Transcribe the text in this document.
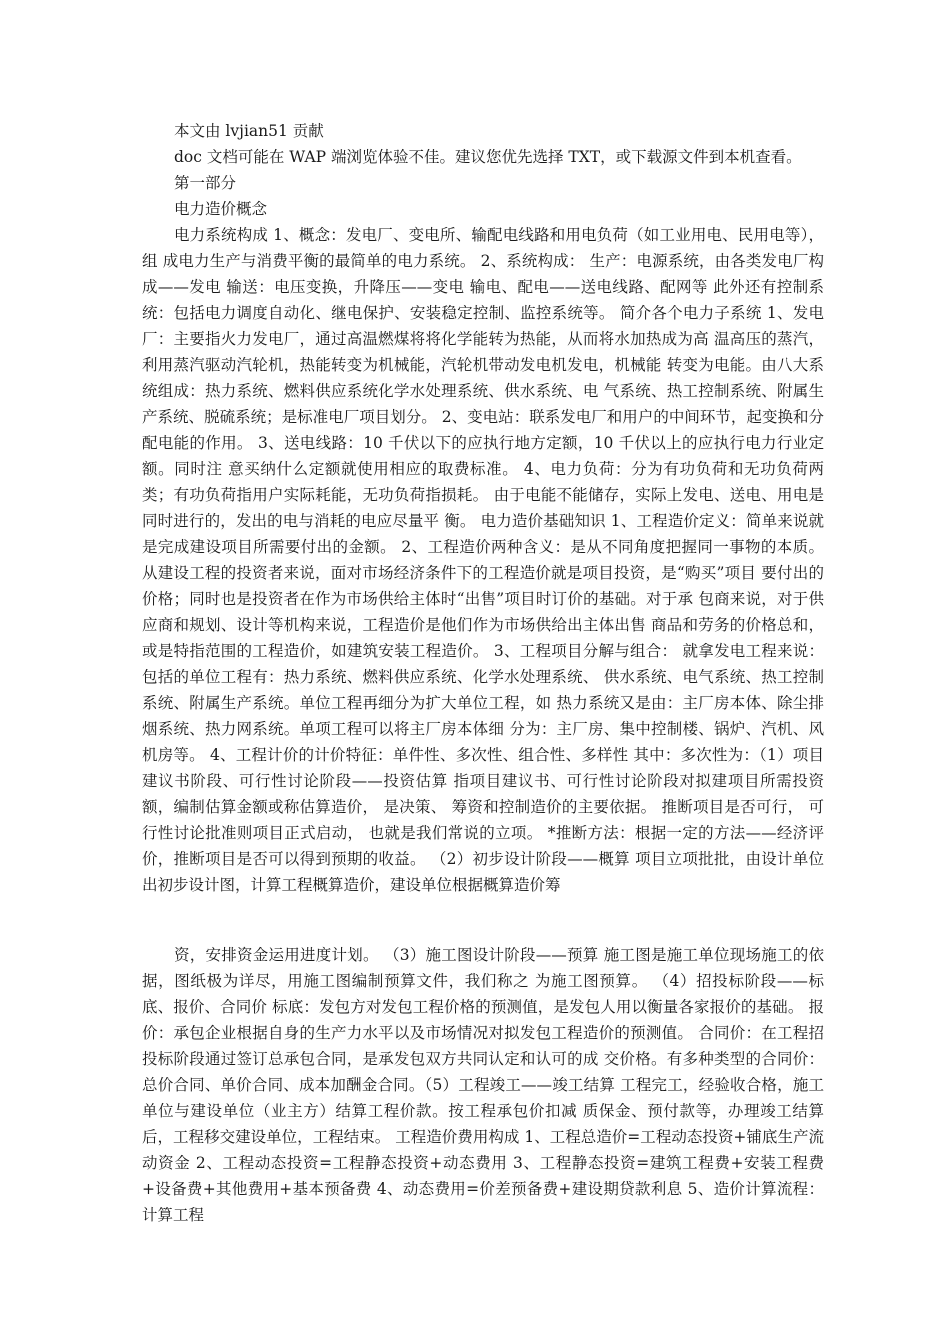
本文由 lvjian51 贡献

doc 文档可能在 WAP 端浏览体验不佳。建议您优先选择 TXT，或下载源文件到本机查看。

第一部分

电力造价概念

电力系统构成 1、概念：发电厂、变电所、输配电线路和用电负荷（如工业用电、民用电等），组 成电力生产与消费平衡的最简单的电力系统。 2、系统构成： 生产：电源系统，由各类发电厂构成——发电 输送：电压变换，升降压——变电 输电、配电——送电线路、配网等 此外还有控制系统：包括电力调度自动化、继电保护、安装稳定控制、监控系统等。 简介各个电力子系统 1、发电厂：主要指火力发电厂，通过高温燃煤将将化学能转为热能，从而将水加热成为高 温高压的蒸汽，利用蒸汽驱动汽轮机，热能转变为机械能，汽轮机带动发电机发电，机械能 转变为电能。由八大系统组成：热力系统、燃料供应系统化学水处理系统、供水系统、电 气系统、热工控制系统、附属生产系统、脱硫系统；是标准电厂项目划分。 2、变电站：联系发电厂和用户的中间环节，起变换和分配电能的作用。 3、送电线路：10 千伏以下的应执行地方定额，10 千伏以上的应执行电力行业定额。同时注 意买纳什么定额就使用相应的取费标准。 4、电力负荷：分为有功负荷和无功负荷两类；有功负荷指用户实际耗能，无功负荷指损耗。 由于电能不能储存，实际上发电、送电、用电是同时进行的，发出的电与消耗的电应尽量平 衡。 电力造价基础知识 1、工程造价定义：简单来说就是完成建设项目所需要付出的金额。 2、工程造价两种含义：是从不同角度把握同一事物的本质。 从建设工程的投资者来说，面对市场经济条件下的工程造价就是项目投资，是“购买”项目 要付出的价格；同时也是投资者在作为市场供给主体时“出售”项目时订价的基础。对于承 包商来说，对于供应商和规划、设计等机构来说，工程造价是他们作为市场供给出主体出售 商品和劳务的价格总和，或是特指范围的工程造价，如建筑安装工程造价。 3、工程项目分解与组合： 就拿发电工程来说：包括的单位工程有：热力系统、燃料供应系统、化学水处理系统、 供水系统、电气系统、热工控制系统、附属生产系统。单位工程再细分为扩大单位工程，如 热力系统又是由：主厂房本体、除尘排烟系统、热力网系统。单项工程可以将主厂房本体细 分为：主厂房、集中控制楼、锅炉、汽机、风机房等。 4、工程计价的计价特征：单件性、多次性、组合性、多样性 其中：多次性为：（1）项目建议书阶段、可行性讨论阶段——投资估算 指项目建议书、可行性讨论阶段对拟建项目所需投资额，编制估算金额或称估算造价， 是决策、 筹资和控制造价的主要依据。 推断项目是否可行， 可行性讨论批准则项目正式启动， 也就是我们常说的立项。 *推断方法：根据一定的方法——经济评价，推断项目是否可以得到预期的收益。 （2）初步设计阶段——概算 项目立项批批，由设计单位出初步设计图，计算工程概算造价，建设单位根据概算造价筹

资，安排资金运用进度计划。 （3）施工图设计阶段——预算 施工图是施工单位现场施工的依据，图纸极为详尽，用施工图编制预算文件，我们称之 为施工图预算。 （4）招投标阶段——标底、报价、合同价 标底：发包方对发包工程价格的预测值，是发包人用以衡量各家报价的基础。 报价：承包企业根据自身的生产力水平以及市场情况对拟发包工程造价的预测值。 合同价：在工程招投标阶段通过签订总承包合同，是承发包双方共同认定和认可的成 交价格。有多种类型的合同价：总价合同、单价合同、成本加酬金合同。（5）工程竣工——竣工结算 工程完工，经验收合格，施工单位与建设单位（业主方）结算工程价款。按工程承包价扣减 质保金、预付款等，办理竣工结算后，工程移交建设单位，工程结束。 工程造价费用构成 1、工程总造价=工程动态投资+铺底生产流动资金 2、工程动态投资=工程静态投资+动态费用 3、工程静态投资=建筑工程费+安装工程费+设备费+其他费用+基本预备费 4、动态费用=价差预备费+建设期贷款利息 5、造价计算流程：计算工程
